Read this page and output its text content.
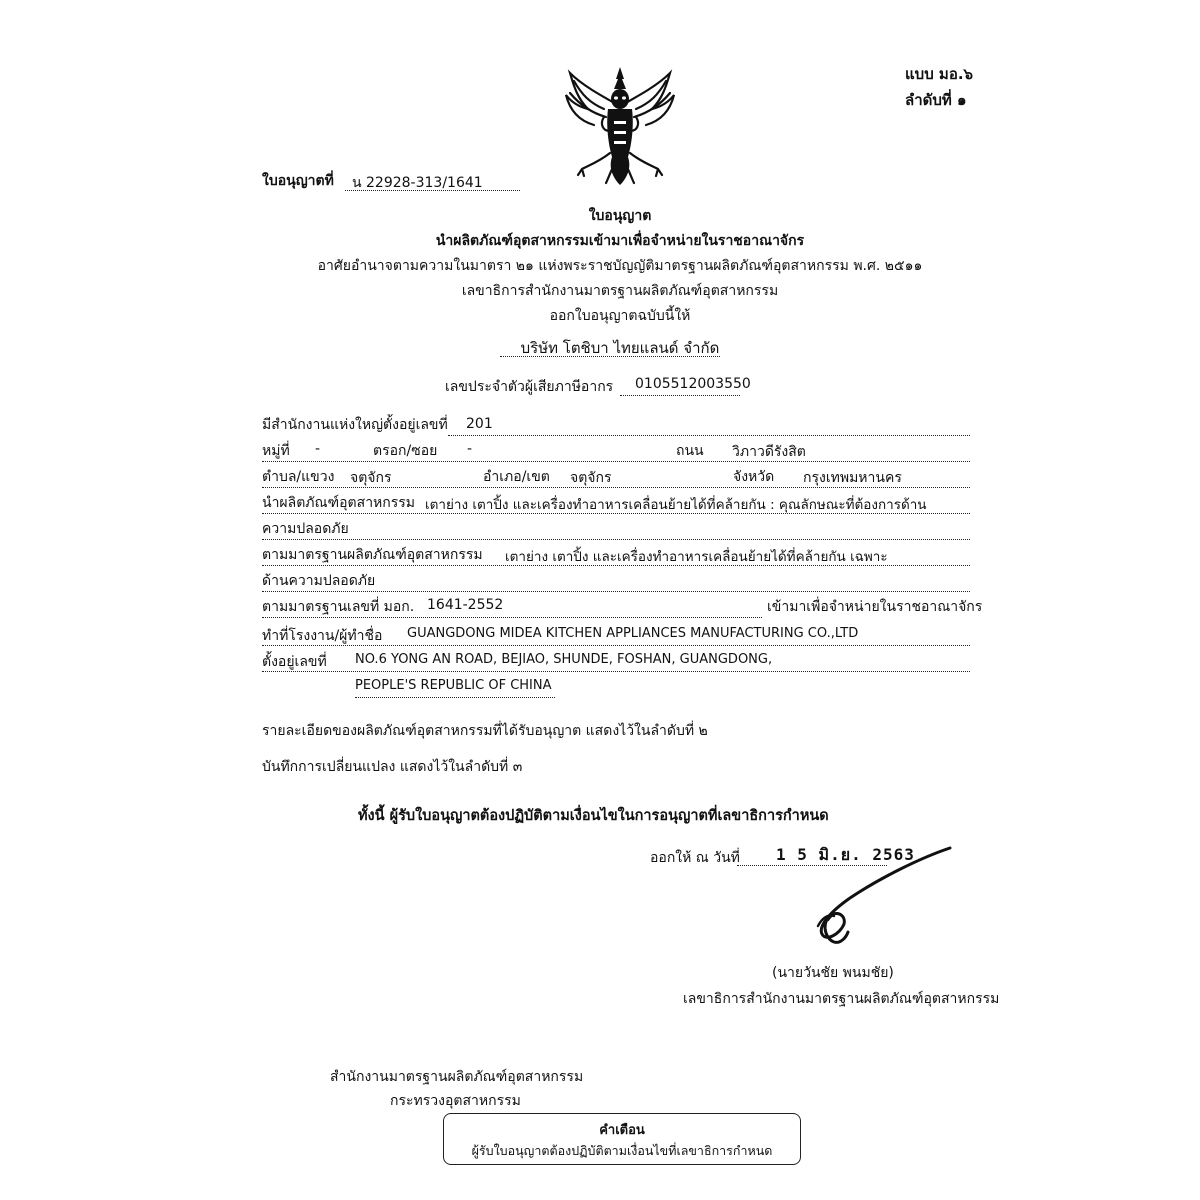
แบบ มอ.๖
ลำดับที่ ๑
ใบอนุญาตที่ น 22928-313/1641
ใบอนุญาต
นำผลิตภัณฑ์อุตสาหกรรมเข้ามาเพื่อจำหน่ายในราชอาณาจักร
อาศัยอำนาจตามความในมาตรา ๒๑ แห่งพระราชบัญญัติมาตรฐานผลิตภัณฑ์อุตสาหกรรม พ.ศ. ๒๕๑๑
เลขาธิการสำนักงานมาตรฐานผลิตภัณฑ์อุตสาหกรรม
ออกใบอนุญาตฉบับนี้ให้
บริษัท โตชิบา ไทยแลนด์ จำกัด
เลขประจำตัวผู้เสียภาษีอากร 0105512003550
มีสำนักงานแห่งใหญ่ตั้งอยู่เลขที่ 201
หมู่ที่ -	ตรอก/ซอย -	ถนน วิภาวดีรังสิต
ตำบล/แขวง จตุจักร	อำเภอ/เขต จตุจักร	จังหวัด กรุงเทพมหานคร
นำผลิตภัณฑ์อุตสาหกรรม เตาย่าง เตาปิ้ง และเครื่องทำอาหารเคลื่อนย้ายได้ที่คล้ายกัน : คุณลักษณะที่ต้องการด้าน
ความปลอดภัย
ตามมาตรฐานผลิตภัณฑ์อุตสาหกรรม เตาย่าง เตาปิ้ง และเครื่องทำอาหารเคลื่อนย้ายได้ที่คล้ายกัน เฉพาะ
ด้านความปลอดภัย
ตามมาตรฐานเลขที่ มอก. 1641-2552	เข้ามาเพื่อจำหน่ายในราชอาณาจักร
ทำที่โรงงาน/ผู้ทำชื่อ GUANGDONG MIDEA KITCHEN APPLIANCES MANUFACTURING CO.,LTD
ตั้งอยู่เลขที่ NO.6 YONG AN ROAD, BEJIAO, SHUNDE, FOSHAN, GUANGDONG,
PEOPLE'S REPUBLIC OF CHINA
รายละเอียดของผลิตภัณฑ์อุตสาหกรรมที่ได้รับอนุญาต แสดงไว้ในลำดับที่ ๒
บันทึกการเปลี่ยนแปลง แสดงไว้ในลำดับที่ ๓
ทั้งนี้ ผู้รับใบอนุญาตต้องปฏิบัติตามเงื่อนไขในการอนุญาตที่เลขาธิการกำหนด
ออกให้ ณ วันที่ 1 5 มิ.ย. 2563
(นายวันชัย พนมชัย)
เลขาธิการสำนักงานมาตรฐานผลิตภัณฑ์อุตสาหกรรม
สำนักงานมาตรฐานผลิตภัณฑ์อุตสาหกรรม
กระทรวงอุตสาหกรรม
คำเตือน
ผู้รับใบอนุญาตต้องปฏิบัติตามเงื่อนไขที่เลขาธิการกำหนด
